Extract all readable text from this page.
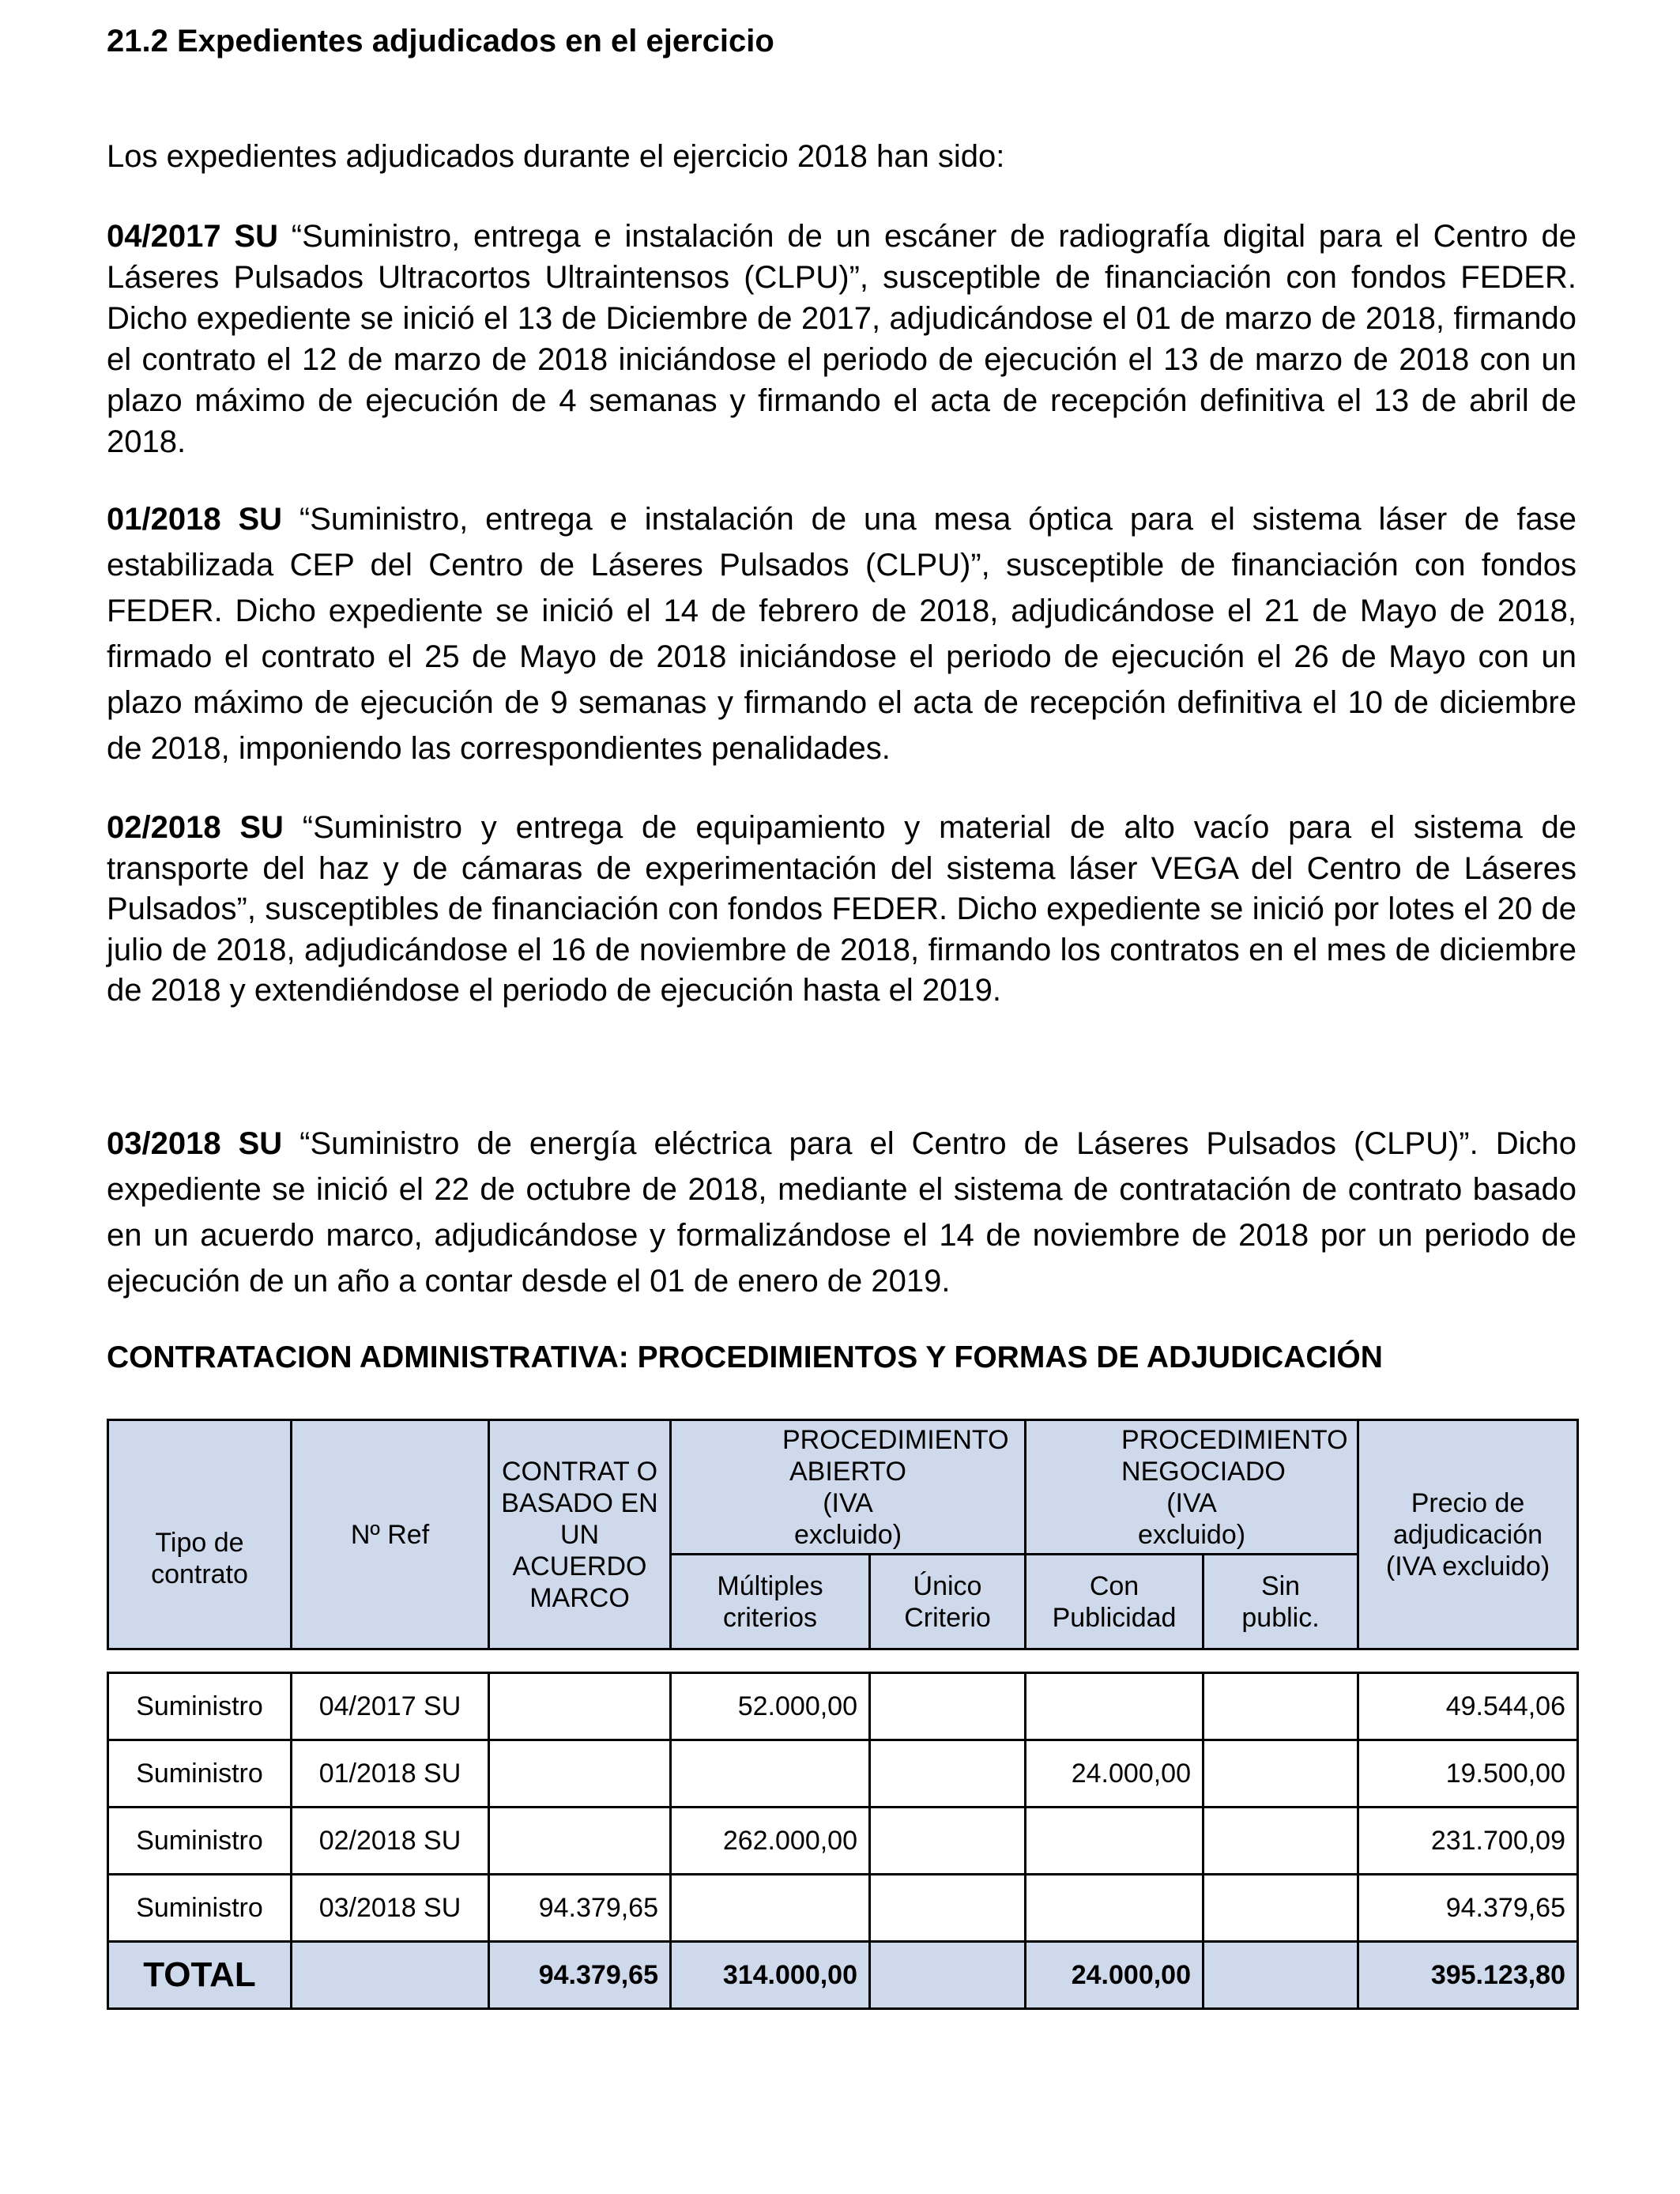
21.2 Expedientes adjudicados en el ejercicio
Los expedientes adjudicados durante el ejercicio 2018 han sido:
04/2017 SU “Suministro, entrega e instalación de un escáner de radiografía digital para el Centro de Láseres Pulsados Ultracortos Ultraintensos (CLPU)”, susceptible de financiación con fondos FEDER. Dicho expediente se inició el 13 de Diciembre de 2017, adjudicándose el 01 de marzo de 2018, firmando el contrato el 12 de marzo de 2018 iniciándose el periodo de ejecución el 13 de marzo de 2018 con un plazo máximo de ejecución de 4 semanas y firmando el acta de recepción definitiva el 13 de abril de 2018.
01/2018 SU “Suministro, entrega e instalación de una mesa óptica para el sistema láser de fase estabilizada CEP del Centro de Láseres Pulsados (CLPU)”, susceptible de financiación con fondos FEDER. Dicho expediente se inició el 14 de febrero de 2018, adjudicándose el 21 de Mayo de 2018, firmado el contrato el 25 de Mayo de 2018 iniciándose el periodo de ejecución el 26 de Mayo con un plazo máximo de ejecución de 9 semanas y firmando el acta de recepción definitiva el 10 de diciembre de 2018, imponiendo las correspondientes penalidades.
02/2018 SU “Suministro y entrega de equipamiento y material de alto vacío para el sistema de transporte del haz y de cámaras de experimentación del sistema láser VEGA del Centro de Láseres Pulsados”, susceptibles de financiación con fondos FEDER. Dicho expediente se inició por lotes el 20 de julio de 2018, adjudicándose el 16 de noviembre de 2018, firmando los contratos en el mes de diciembre de 2018 y extendiéndose el periodo de ejecución hasta el 2019.
03/2018 SU “Suministro de energía eléctrica para el Centro de Láseres Pulsados (CLPU)”. Dicho expediente se inició el 22 de octubre de 2018, mediante el sistema de contratación de contrato basado en un acuerdo marco, adjudicándose y formalizándose el 14 de noviembre de 2018 por un periodo de ejecución de un año a contar desde el 01 de enero de 2019.
CONTRATACION ADMINISTRATIVA: PROCEDIMIENTOS Y FORMAS DE ADJUDICACIÓN
Tipo de contrato	Nº Ref	CONTRAT O BASADO EN UN ACUERDO MARCO	PROCEDIMIENTO ABIERTO (IVA excluido)		PROCEDIMIENTO NEGOCIADO (IVA excluido)		Precio de adjudicación (IVA excluido)
			Múltiples criterios	Único Criterio	Con Publicidad	Sin public.	
Suministro	04/2017 SU		52.000,00				49.544,06
Suministro	01/2018 SU				24.000,00		19.500,00
Suministro	02/2018 SU		262.000,00				231.700,09
Suministro	03/2018 SU	94.379,65					94.379,65
TOTAL		94.379,65	314.000,00		24.000,00		395.123,80
